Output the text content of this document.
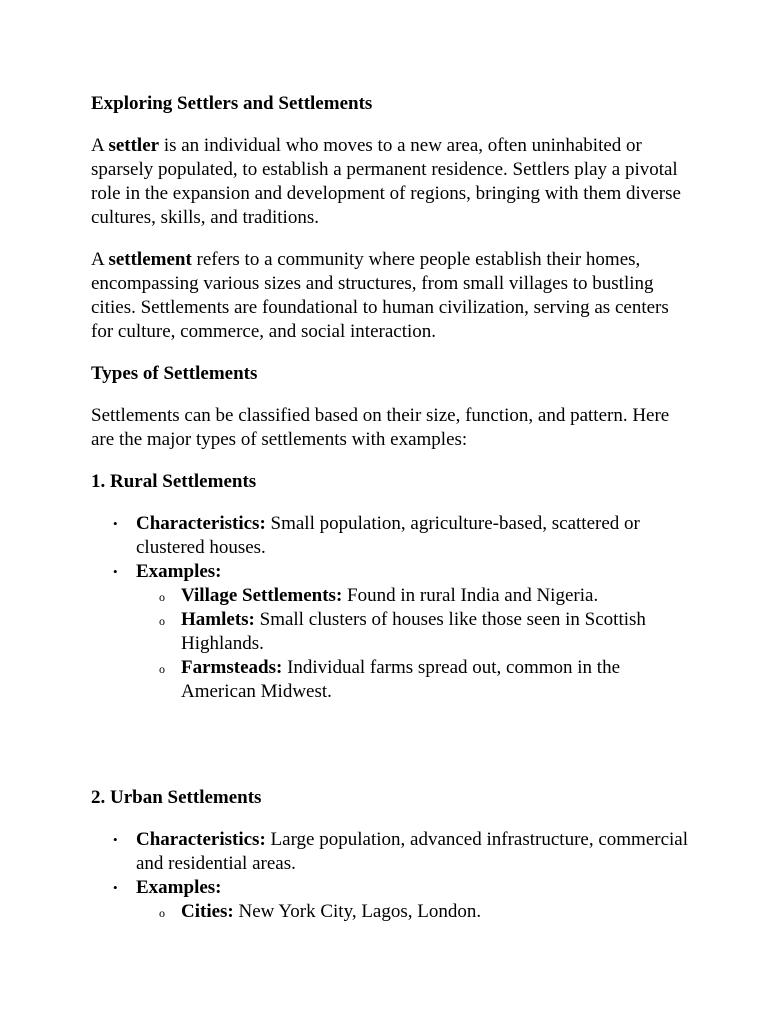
Exploring Settlers and Settlements

A settler is an individual who moves to a new area, often uninhabited or sparsely populated, to establish a permanent residence. Settlers play a pivotal role in the expansion and development of regions, bringing with them diverse cultures, skills, and traditions.

A settlement refers to a community where people establish their homes, encompassing various sizes and structures, from small villages to bustling cities. Settlements are foundational to human civilization, serving as centers for culture, commerce, and social interaction.

Types of Settlements

Settlements can be classified based on their size, function, and pattern. Here are the major types of settlements with examples:

1. Rural Settlements
• Characteristics: Small population, agriculture-based, scattered or clustered houses.
• Examples:
o Village Settlements: Found in rural India and Nigeria.
o Hamlets: Small clusters of houses like those seen in Scottish Highlands.
o Farmsteads: Individual farms spread out, common in the American Midwest.
2. Urban Settlements
• Characteristics: Large population, advanced infrastructure, commercial and residential areas.
• Examples:
o Cities: New York City, Lagos, London.
